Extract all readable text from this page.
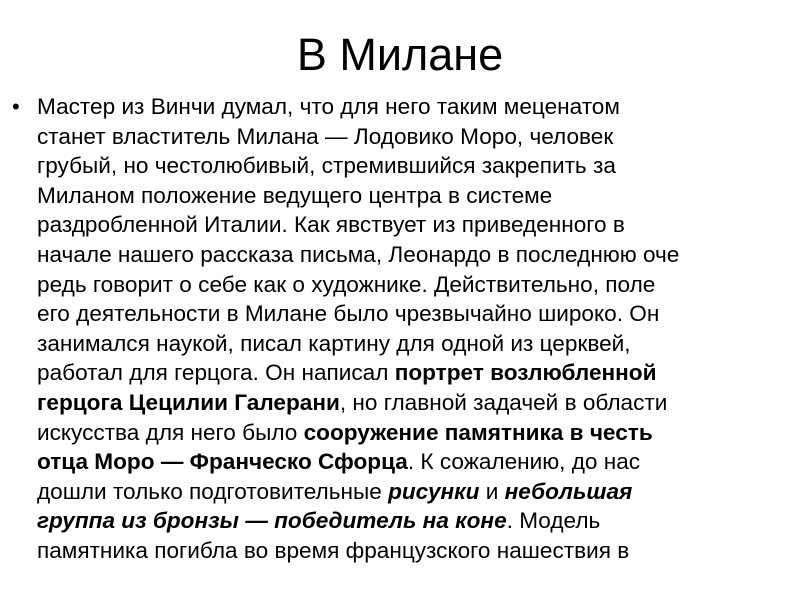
В Милане
• Мастер из Винчи думал, что для него таким меценатом
станет властитель Милана — Лодовико Моро, человек
грубый, но честолюбивый, стремившийся закрепить за
Миланом положение ведущего центра в системе
раздробленной Италии. Как явствует из приведенного в
начале нашего рассказа письма, Леонардо в последнюю оче
редь говорит о себе как о художнике. Действительно, поле
его деятельности в Милане было чрезвычайно широко. Он
занимался наукой, писал картину для одной из церквей,
работал для герцога. Он написал портрет возлюбленной
герцога Цецилии Галерани, но главной задачей в области
искусства для него было сооружение памятника в честь
отца Моро — Франческо Сфорца. К сожалению, до нас
дошли только подготовительные рисунки и небольшая
группа из бронзы — победитель на коне. Модель
памятника погибла во время французского нашествия в
